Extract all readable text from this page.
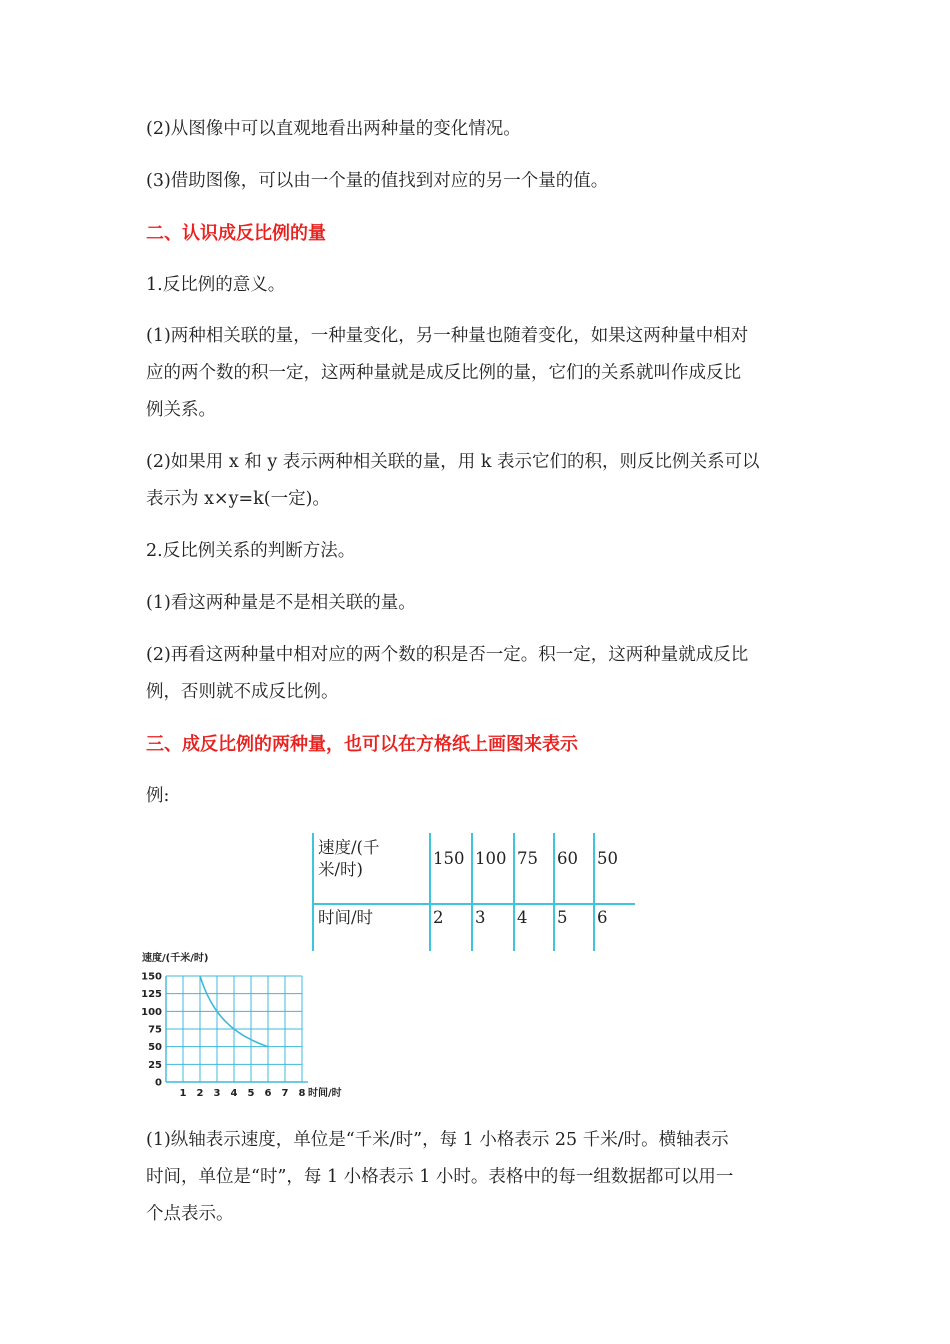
(2)从图像中可以直观地看出两种量的变化情况。

(3)借助图像，可以由一个量的值找到对应的另一个量的值。

二、认识成反比例的量

1.反比例的意义。

(1)两种相关联的量，一种量变化，另一种量也随着变化，如果这两种量中相对

应的两个数的积一定，这两种量就是成反比例的量，它们的关系就叫作成反比

例关系。

(2)如果用 x 和 y 表示两种相关联的量，用 k 表示它们的积，则反比例关系可以

表示为 x×y=k(一定)。

2.反比例关系的判断方法。

(1)看这两种量是不是相关联的量。

(2)再看这两种量中相对应的两个数的积是否一定。积一定，这两种量就成反比

例，否则就不成反比例。

三、成反比例的两种量，也可以在方格纸上画图来表示

例:

速度/(千
米/时)
150 100 75 60 50
时间/时	2 3 4 5 6
0
25
50
75
100
125
150
1 2 3 4 5 6 7 8
速度/(千米/时)
时间/时

(1)纵轴表示速度，单位是“千米/时”，每 1 小格表示 25 千米/时。横轴表示

时间，单位是“时”，每 1 小格表示 1 小时。表格中的每一组数据都可以用一

个点表示。
